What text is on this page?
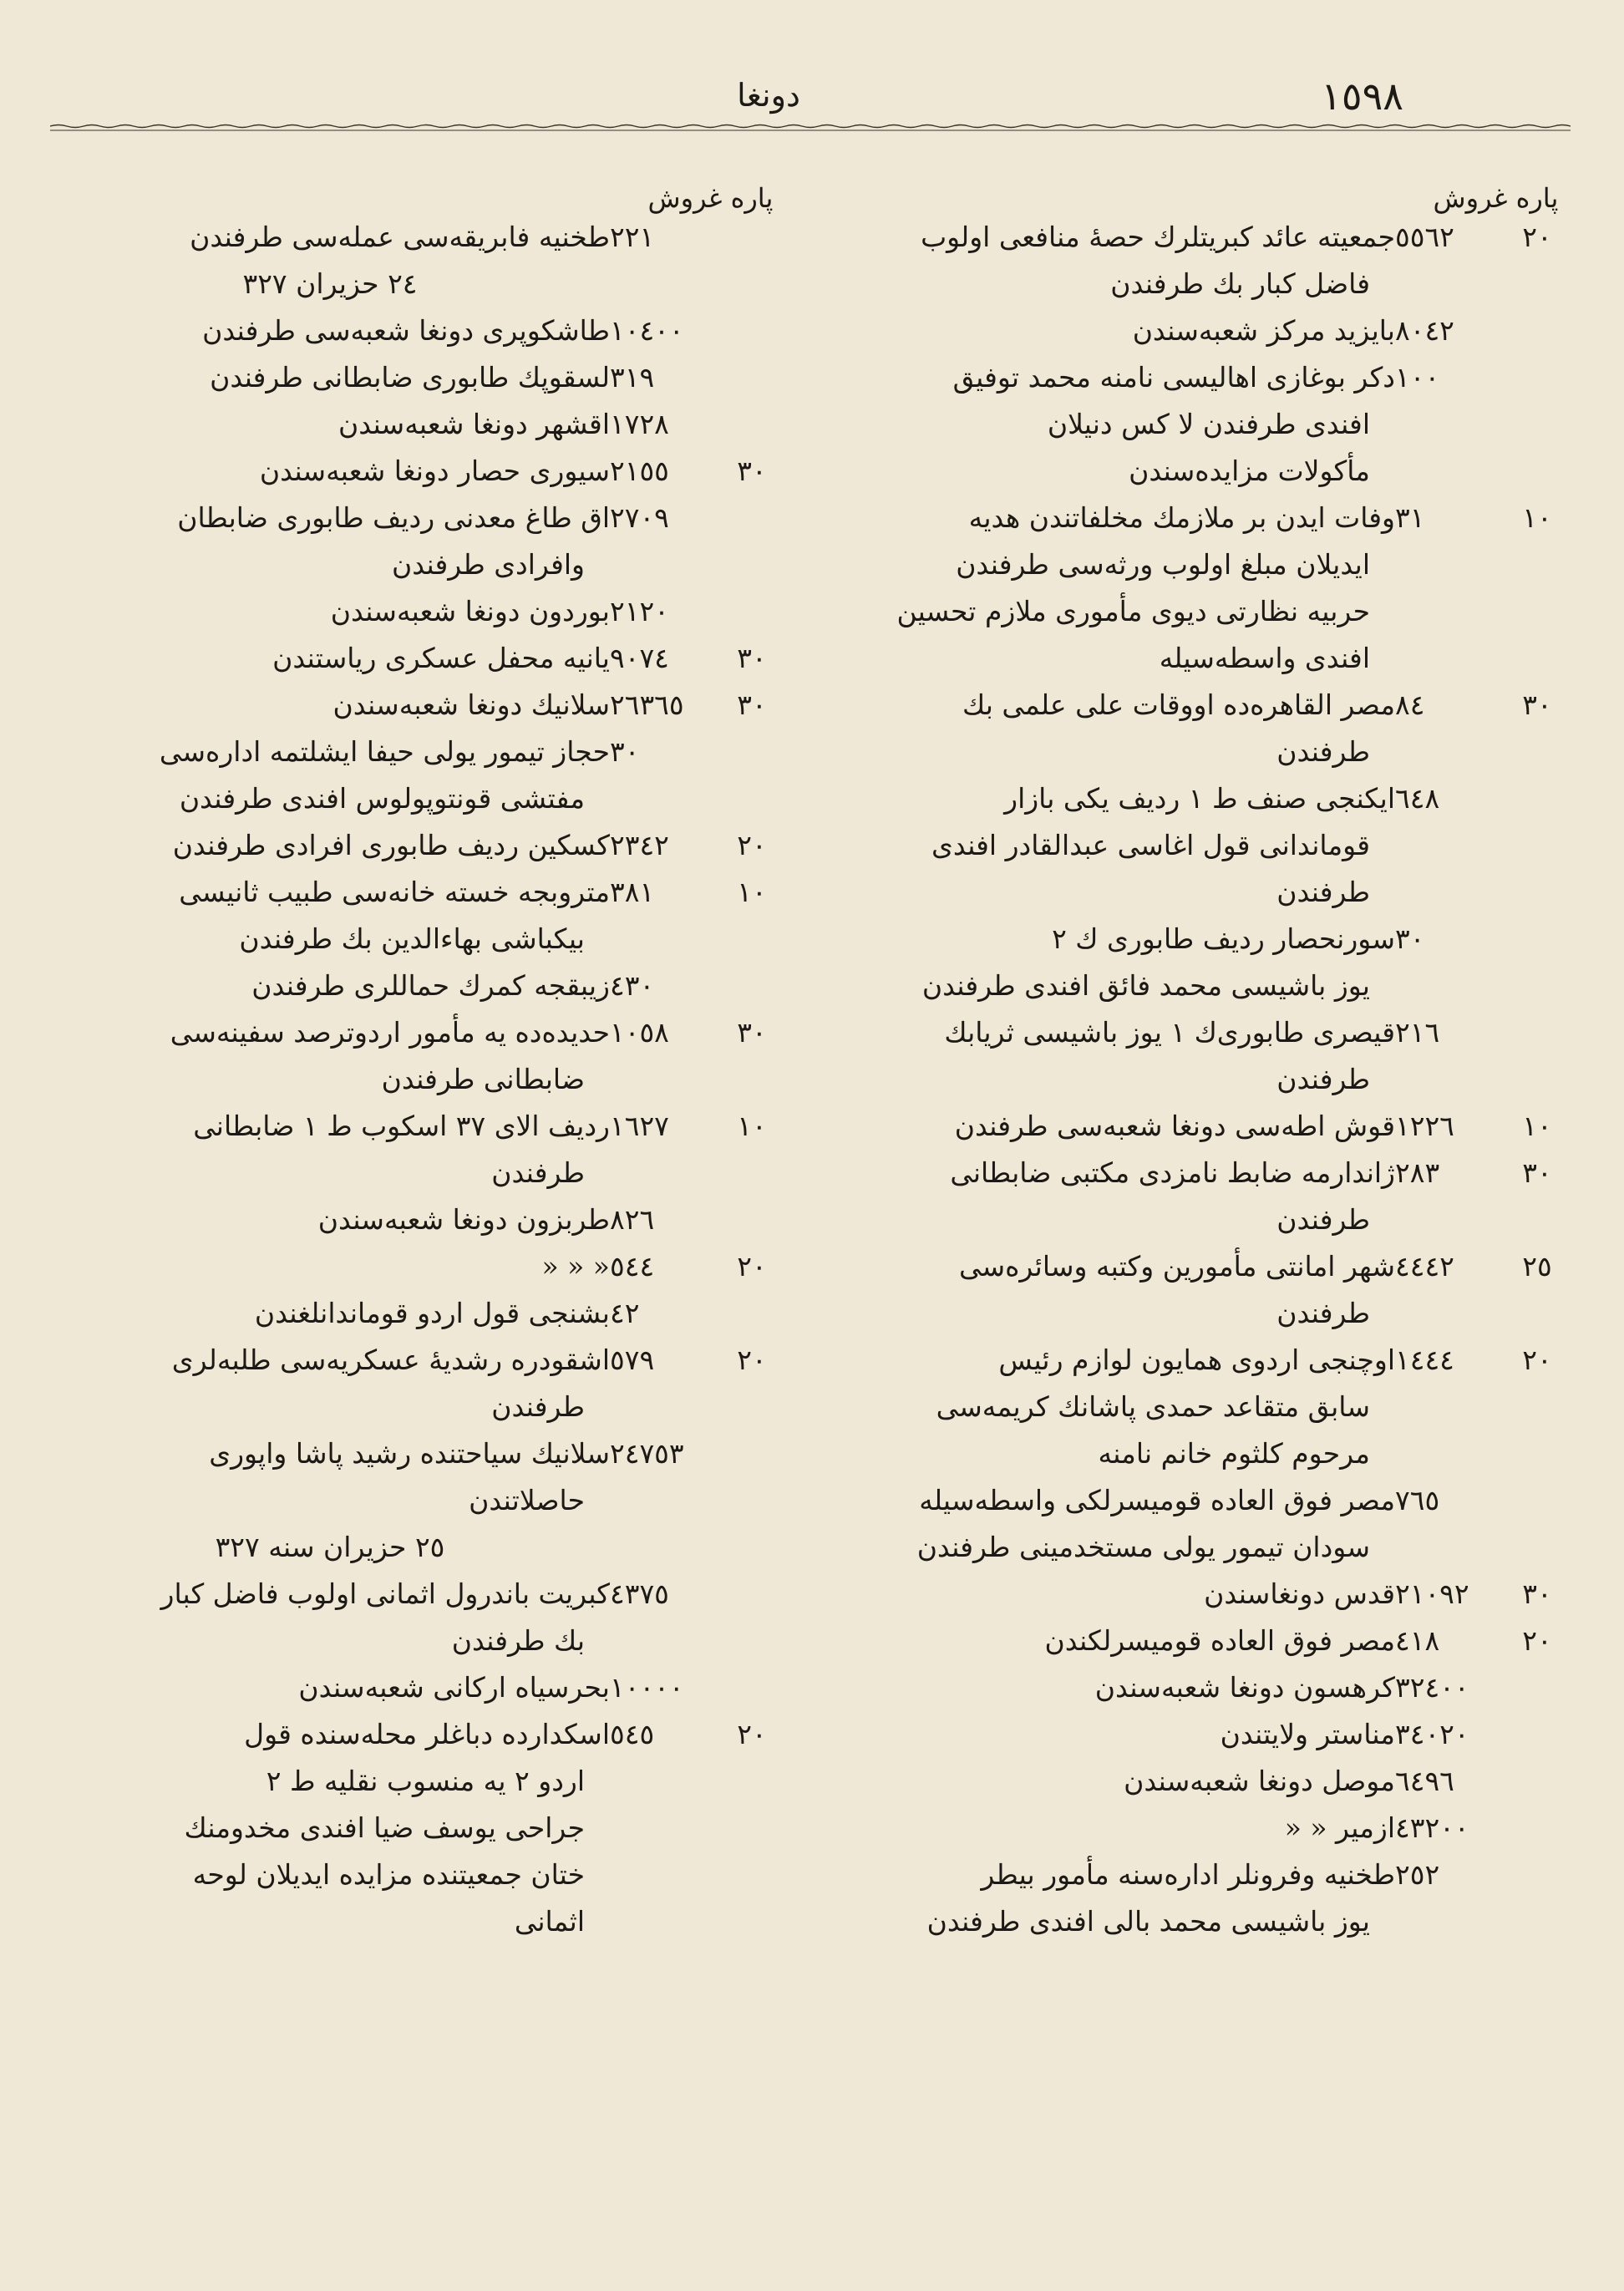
١٥٩٨
دونغا
پاره
غروش
٢٠
٥٥٦٢
جمعيته عائد كبريتلرك حصهٔ منافعى اولوب
فاضل كبار بك طرفندن
٨٠٤٢
بايزيد مركز شعبه‌سندن
١٠٠
دكر بوغازى اهاليسى نامنه محمد توفيق
افندى طرفندن لا كس دنيلان
مأكولات مزايده‌سندن
١٠
٣١
وفات ايدن بر ملازمك مخلفاتندن هديه
ايديلان مبلغ اولوب ورثه‌سى طرفندن
حربيه نظارتى ديوى مأمورى ملازم تحسين
افندى واسطه‌سيله
٣٠
٨٤
مصر القاهره‌ده اووقات على علمى بك
طرفندن
٦٤٨
ايكنجى صنف ط ١ رديف يكى بازار
قوماندانى قول اغاسى عبدالقادر افندى
طرفندن
٣٠
سورنحصار رديف طابورى ك ٢
يوز باشيسى محمد فائق افندى طرفندن
٢١٦
قيصرى طابورى‌ك ١ يوز باشيسى ثريابك
طرفندن
١٠
١٢٢٦
قوش اطه‌سى دونغا شعبه‌سى طرفندن
٣٠
٢٨٣
ژاندارمه ضابط نامزدى مكتبى ضابطانى
طرفندن
٢٥
٤٤٤٢
شهر امانتى مأمورين وكتبه وسائره‌سى
طرفندن
٢٠
١٤٤٤
اوچنجى اردوى همايون لوازم رئيس
سابق متقاعد حمدى پاشانك كريمه‌سى
مرحوم كلثوم خانم نامنه
٧٦٥
مصر فوق العاده قوميسرلكى واسطه‌سيله
سودان تيمور يولى مستخدمينى طرفندن
٣٠
٢١٠٩٢
قدس دونغاسندن
٢٠
٤١٨
مصر فوق العاده قوميسرلكندن
٣٢٤٠٠
كرهسون دونغا شعبه‌سندن
٣٤٠٢٠
مناستر ولايتندن
٦٤٩٦
موصل دونغا شعبه‌سندن
٤٣٢٠٠
ازمير « «
٢٥٢
طخنيه وفرونلر اداره‌سنه مأمور بيطر
يوز باشيسى محمد بالى افندى طرفندن
پاره
غروش
٢٢١
طخنيه فابريقه‌سى عمله‌سى طرفندن
٢٤ حزيران ٣٢٧
١٠٤٠٠
طاشكوپرى دونغا شعبه‌سى طرفندن
٣١٩
لسقوپك طابورى ضابطانى طرفندن
١٧٢٨
اقشهر دونغا شعبه‌سندن
٣٠
٢١٥٥
سيورى حصار دونغا شعبه‌سندن
٢٧٠٩
اق طاغ معدنى رديف طابورى ضابطان
وافرادى طرفندن
٢١٢٠
بوردون دونغا شعبه‌سندن
٣٠
٩٠٧٤
يانيه محفل عسكرى رياستندن
٣٠
٢٦٣٦٥
سلانيك دونغا شعبه‌سندن
٣٠
حجاز تيمور يولى حيفا ايشلتمه اداره‌سى
مفتشى قونتوپولوس افندى طرفندن
٢٠
٢٣٤٢
كسكين رديف طابورى افرادى طرفندن
١٠
٣٨١
متروبجه خسته خانه‌سى طبيب ثانيسى
بيكباشى بهاءالدين بك طرفندن
٤٣٠
زيبقجه كمرك حماللرى طرفندن
٣٠
١٠٥٨
حديده‌ده يه مأمور اردوترصد سفينه‌سى
ضابطانى طرفندن
١٠
١٦٢٧
رديف الاى ٣٧ اسكوب ط ١ ضابطانى
طرفندن
٨٢٦
طربزون دونغا شعبه‌سندن
٢٠
٥٤٤
« « «
٤٢
بشنجى قول اردو قوماندانلغندن
٢٠
٥٧٩
اشقودره رشديهٔ عسكريه‌سى طلبه‌لرى
طرفندن
٢٤٧٥٣
سلانيك سياحتنده رشيد پاشا واپورى
حاصلاتندن
٢٥ حزيران سنه ٣٢٧
٤٣٧٥
كبريت باندرول اثمانى اولوب فاضل كبار
بك طرفندن
١٠٠٠٠
بحرسياه اركانى شعبه‌سندن
٢٠
٥٤٥
اسكدارده دباغلر محله‌سنده قول
اردو ٢ يه منسوب نقليه ط ٢
جراحى يوسف ضيا افندى مخدومنك
ختان جمعيتنده مزايده ايديلان لوحه
اثمانى
